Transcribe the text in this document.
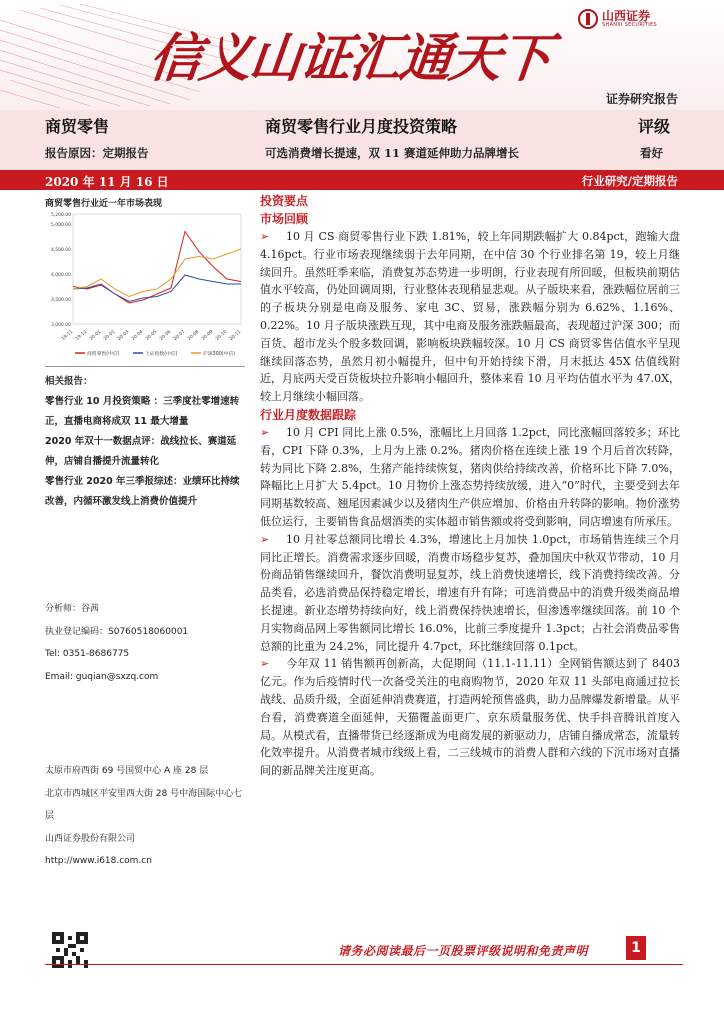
信义山证汇通天下
山西证券
SHANXI SECURITIES
证券研究报告
商贸零售
报告原因：定期报告
商贸零售行业月度投资策略
可选消费增长提速，双 11 赛道延伸助力品牌增长
评级
看好
2020 年 11 月 16 日	行业研究/定期报告
商贸零售行业近一年市场表现
3,000.00
3,500.00
4,000.00
4,500.00
5,000.00
5,200.00
19-11 19-12 20-01 20-02 20-03 20-04 20-05 20-06 20-07 20-08 20-09 20-10 20-11
商贸零售(中信)	上证指数(中信)	沪深300(中信)
相关报告：
零售行业 10 月投资策略 ：三季度社零增速转正，直播电商将成双 11 最大增量
2020 年双十一数据点评：战线拉长、赛道延伸，店铺自播提升流量转化
零售行业 2020 年三季报综述：业绩环比持续改善，内循环激发线上消费价值提升
分析师：谷茜
执业登记编码：S0760518060001
Tel: 0351-8686775
Email: guqian@sxzq.com
太原市府西街 69 号国贸中心 A 座 28 层
北京市西城区平安里西大街 28 号中海国际中心七层
山西证券股份有限公司
http://www.i618.com.cn
投资要点
市场回顾

➢ 10 月 CS 商贸零售行业下跌 1.81%，较上年同期跌幅扩大 0.84pct，跑输大盘 4.16pct。行业市场表现继续弱于去年同期，在中信 30 个行业排名第 19，较上月继续回升。虽然旺季来临，消费复苏态势进一步明朗，行业表现有所回暖，但板块前期估值水平较高，仍处回调周期，行业整体表现稍显悲观。从子版块来看，涨跌幅位居前三的子板块分别是电商及服务、家电 3C、贸易，涨跌幅分别为 6.62%、1.16%、0.22%。10 月子版块涨跌互现，其中电商及服务涨跌幅最高，表现超过沪深 300；而百货、超市龙头个股多数回调，影响板块跌幅较深。10 月 CS 商贸零售估值水平呈现继续回落态势，虽然月初小幅提升，但中旬开始持续下滑，月末抵达 45X 估值线附近，月底两天受百货板块拉升影响小幅回升，整体来看 10 月平均估值水平为 47.0X，较上月继续小幅回落。

行业月度数据跟踪

➢ 10 月 CPI 同比上涨 0.5%，涨幅比上月回落 1.2pct，同比涨幅回落较多；环比看，CPI 下降 0.3%，上月为上涨 0.2%。猪肉价格在连续上涨 19 个月后首次转降，转为同比下降 2.8%，生猪产能持续恢复，猪肉供给持续改善，价格环比下降 7.0%，降幅比上月扩大 5.4pct。10 月物价上涨态势持续放缓，进入“0”时代，主要受到去年同期基数较高、翘尾因素减少以及猪肉生产供应增加、价格由升转降的影响。物价涨势低位运行，主要销售食品烟酒类的实体超市销售额或将受到影响，同店增速有所承压。

➢ 10 月社零总额同比增长 4.3%，增速比上月加快 1.0pct，市场销售连续三个月同比正增长。消费需求逐步回暖，消费市场稳步复苏，叠加国庆中秋双节带动，10 月份商品销售继续回升，餐饮消费明显复苏，线上消费快速增长，线下消费持续改善。分品类看，必选消费品保持稳定增长，增速有升有降；可选消费品中的消费升级类商品增长提速。新业态增势持续向好，线上消费保持快速增长，但渗透率继续回落。前 10 个月实物商品网上零售额同比增长 16.0%，比前三季度提升 1.3pct；占社会消费品零售总额的比重为 24.2%，同比提升 4.7pct，环比继续回落 0.1pct。

➢ 今年双 11 销售额再创新高，大促期间（11.1-11.11）全网销售额达到了 8403 亿元。作为后疫情时代一次备受关注的电商购物节，2020 年双 11 头部电商通过拉长战线、品质升级，全面延伸消费赛道，打造两轮预售盛典，助力品牌爆发新增量。从平台看，消费赛道全面延伸，天猫覆盖面更广、京东质量服务优、快手抖音腾讯首度入局。从模式看，直播带货已经逐渐成为电商发展的新驱动力，店铺自播成常态，流量转化效率提升。从消费者城市线级上看，二三线城市的消费人群和六线的下沉市场对直播间的新品牌关注度更高。

请务必阅读最后一页股票评级说明和免责声明	1
